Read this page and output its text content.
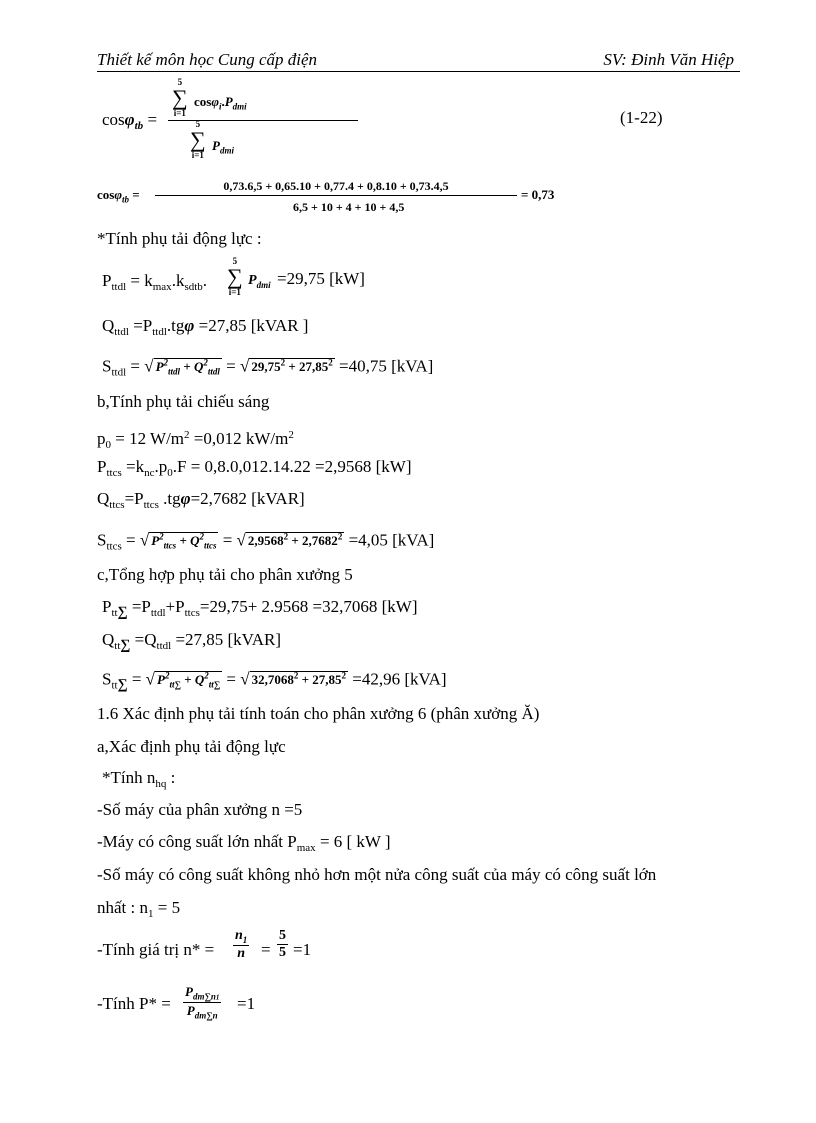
Thiết kế môn học Cung cấp điện	SV: Đinh Văn Hiệp
cosφ$_{tb}$ =
5
∑
i=1
$\cos\varphi_i.P_{dmi}$
5
∑
i=1
$P_{dmi}$
(1-22)
cosφ$_{tb}$ =
0,73.6,5 + 0,65.10 + 0,77.4 + 0,8.10 + 0,73.4,5
6,5 + 10 + 4 + 10 + 4,5
= 0,73
*Tính phụ tải động lực :
$P_{ttdl} = k_{max}.k_{sdtb}$.
5
∑
i=1
$P_{dmi} =29,75$ [kW]
$Q_{ttdl} =P_{ttdl}.tg\varphi =27,85$ [kVAR ]
$S_{ttdl}$ = √ $P^2_{ttdl} + Q^2_{ttdl}$ = √ $29,75^2 + 27,85^2 =40,75$ [kVA]
b,Tính phụ tải chiếu sáng
$p_0 = 12$ $W/m^2 =0,012$ $kW/m^2$
$P_{ttcs} =k_{nc}.p_0.F = 0,8.0,012.14.22 =2,9568$ [kW]
$Q_{ttcs}=P_{ttcs}$ .tgφ=2,7682 [kVAR]
$S_{ttcs}$ = √ $P^2_{ttcs} + Q^2_{ttcs}$ = √ $2,9568^2 + 2,7682^2 =4,05$ [kVA]
c,Tổng hợp phụ tải cho phân xưởng 5
$P_{tt\sum} =P_{ttdl}+P_{ttcs}=29,75+ 2.9568 =32,7068$ [kW]
$Q_{tt\sum} =Q_{ttdl} =27,85$ [kVAR]
$S_{tt\sum}$ = √ $P^2_{tt\sum} + Q^2_{tt\sum}$ = √ $32,7068^2 + 27,85^2 =42,96$ [kVA]
1.6 Xác định phụ tải tính toán cho phân xưởng 6 (phân xưởng Ă)
a,Xác định phụ tải động lực
*Tính $n_{hq}$ :
-Số máy của phân xưởng n =5
-Máy có công suất lớn nhất $P_{max} = 6$ [ kW ]
-Số máy có công suất không nhỏ hơn một nửa công suất của máy có công suất lớn
nhất : $n_1 = 5$
-Tính giá trị $n* = \frac{n_1}{n} = \frac{5}{5} =1$
-Tính P* =
$P_{dm\sum n1}$
$P_{dm\sum n}$
=1
